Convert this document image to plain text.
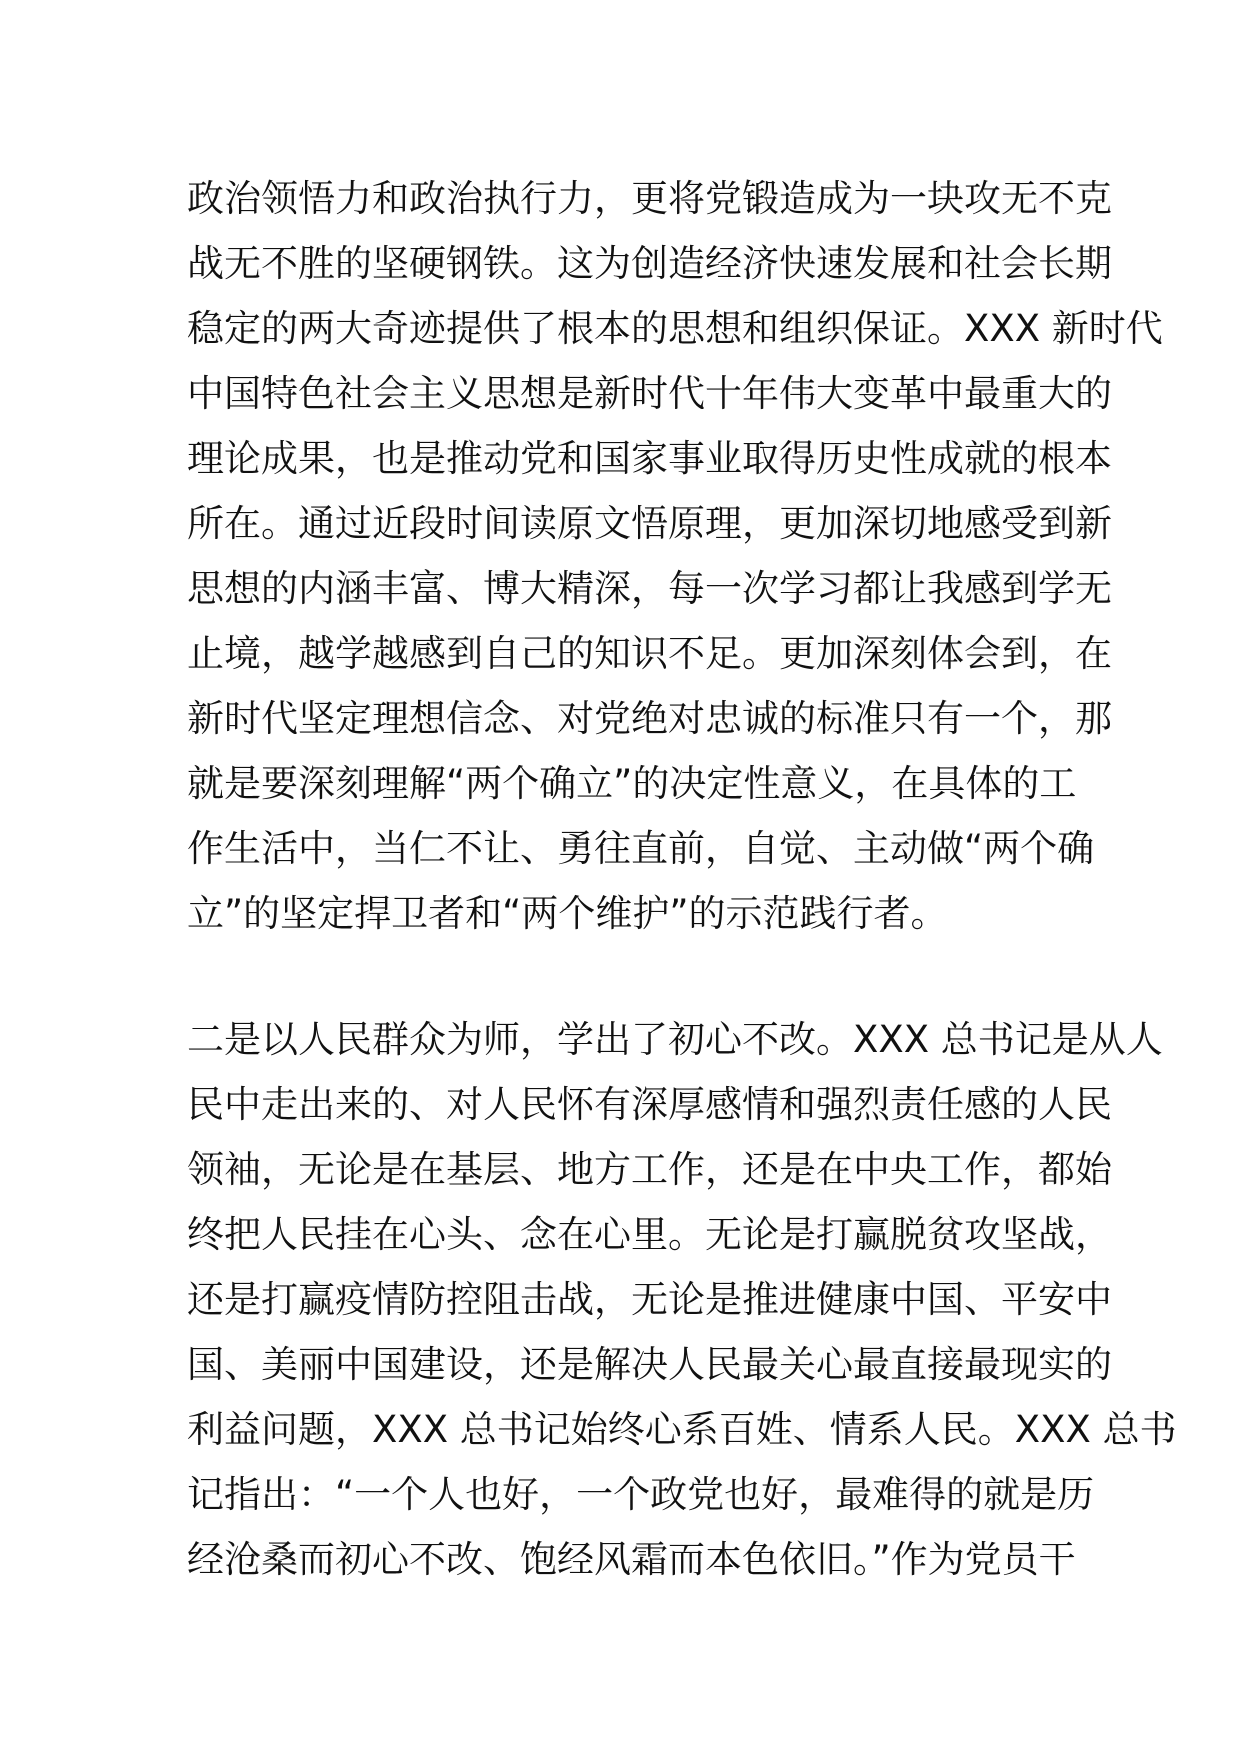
政治领悟力和政治执行力，更将党锻造成为一块攻无不克
战无不胜的坚硬钢铁。这为创造经济快速发展和社会长期
稳定的两大奇迹提供了根本的思想和组织保证。XXX 新时代
中国特色社会主义思想是新时代十年伟大变革中最重大的
理论成果，也是推动党和国家事业取得历史性成就的根本
所在。通过近段时间读原文悟原理，更加深切地感受到新
思想的内涵丰富、博大精深，每一次学习都让我感到学无
止境，越学越感到自己的知识不足。更加深刻体会到，在
新时代坚定理想信念、对党绝对忠诚的标准只有一个，那
就是要深刻理解“两个确立”的决定性意义，在具体的工
作生活中，当仁不让、勇往直前，自觉、主动做“两个确
立”的坚定捍卫者和“两个维护”的示范践行者。
二是以人民群众为师，学出了初心不改。XXX 总书记是从人
民中走出来的、对人民怀有深厚感情和强烈责任感的人民
领袖，无论是在基层、地方工作，还是在中央工作，都始
终把人民挂在心头、念在心里。无论是打赢脱贫攻坚战，
还是打赢疫情防控阻击战，无论是推进健康中国、平安中
国、美丽中国建设，还是解决人民最关心最直接最现实的
利益问题，XXX 总书记始终心系百姓、情系人民。XXX 总书
记指出：“一个人也好，一个政党也好，最难得的就是历
经沧桑而初心不改、饱经风霜而本色依旧。”作为党员干
